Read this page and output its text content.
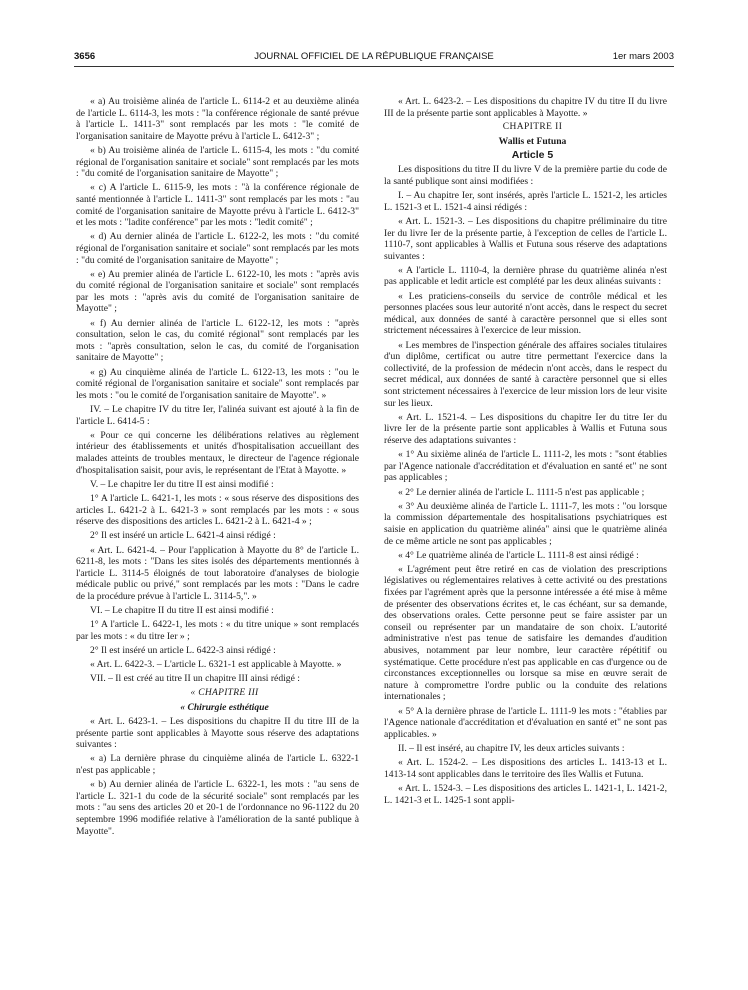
3656	JOURNAL OFFICIEL DE LA RÉPUBLIQUE FRANÇAISE	1er mars 2003

« a) Au troisième alinéa de l'article L. 6114-2 et au deuxième alinéa de l'article L. 6114-3, les mots : "la conférence régionale de santé prévue à l'article L. 1411-3" sont remplacés par les mots : "le comité de l'organisation sanitaire de Mayotte prévu à l'article L. 6412-3" ;

« b) Au troisième alinéa de l'article L. 6115-4, les mots : "du comité régional de l'organisation sanitaire et sociale" sont remplacés par les mots : "du comité de l'organisation sanitaire de Mayotte" ;

« c) A l'article L. 6115-9, les mots : "à la conférence régionale de santé mentionnée à l'article L. 1411-3" sont remplacés par les mots : "au comité de l'organisation sanitaire de Mayotte prévu à l'article L. 6412-3" et les mots : "ladite conférence" par les mots : "ledit comité" ;

« d) Au dernier alinéa de l'article L. 6122-2, les mots : "du comité régional de l'organisation sanitaire et sociale" sont remplacés par les mots : "du comité de l'organisation sanitaire de Mayotte" ;

« e) Au premier alinéa de l'article L. 6122-10, les mots : "après avis du comité régional de l'organisation sanitaire et sociale" sont remplacés par les mots : "après avis du comité de l'organisation sanitaire de Mayotte" ;

« f) Au dernier alinéa de l'article L. 6122-12, les mots : "après consultation, selon le cas, du comité régional" sont remplacés par les mots : "après consultation, selon le cas, du comité de l'organisation sanitaire de Mayotte" ;

« g) Au cinquième alinéa de l'article L. 6122-13, les mots : "ou le comité régional de l'organisation sanitaire et sociale" sont remplacés par les mots : "ou le comité de l'organisation sanitaire de Mayotte". »

IV. – Le chapitre IV du titre Ier, l'alinéa suivant est ajouté à la fin de l'article L. 6414-5 :

« Pour ce qui concerne les délibérations relatives au règlement intérieur des établissements et unités d'hospitalisation accueillant des malades atteints de troubles mentaux, le directeur de l'agence régionale d'hospitalisation saisit, pour avis, le représentant de l'Etat à Mayotte. »

V. – Le chapitre Ier du titre II est ainsi modifié :

1° A l'article L. 6421-1, les mots : « sous réserve des dispositions des articles L. 6421-2 à L. 6421-3 » sont remplacés par les mots : « sous réserve des dispositions des articles L. 6421-2 à L. 6421-4 » ;

2° Il est inséré un article L. 6421-4 ainsi rédigé :

« Art. L. 6421-4. – Pour l'application à Mayotte du 8° de l'article L. 6211-8, les mots : "Dans les sites isolés des départements mentionnés à l'article L. 3114-5 éloignés de tout laboratoire d'analyses de biologie médicale public ou privé," sont remplacés par les mots : "Dans le cadre de la procédure prévue à l'article L. 3114-5,". »

VI. – Le chapitre II du titre II est ainsi modifié :

1° A l'article L. 6422-1, les mots : « du titre unique » sont remplacés par les mots : « du titre Ier » ;

2° Il est inséré un article L. 6422-3 ainsi rédigé :

« Art. L. 6422-3. – L'article L. 6321-1 est applicable à Mayotte. »

VII. – Il est créé au titre II un chapitre III ainsi rédigé :

« CHAPITRE III

« Chirurgie esthétique

« Art. L. 6423-1. – Les dispositions du chapitre II du titre III de la présente partie sont applicables à Mayotte sous réserve des adaptations suivantes :

« a) La dernière phrase du cinquième alinéa de l'article L. 6322-1 n'est pas applicable ;

« b) Au dernier alinéa de l'article L. 6322-1, les mots : "au sens de l'article L. 321-1 du code de la sécurité sociale" sont remplacés par les mots : "au sens des articles 20 et 20-1 de l'ordonnance no 96-1122 du 20 septembre 1996 modifiée relative à l'amélioration de la santé publique à Mayotte".

« Art. L. 6423-2. – Les dispositions du chapitre IV du titre II du livre III de la présente partie sont applicables à Mayotte. »

CHAPITRE II

Wallis et Futuna

Article 5

Les dispositions du titre II du livre V de la première partie du code de la santé publique sont ainsi modifiées :

I. – Au chapitre Ier, sont insérés, après l'article L. 1521-2, les articles L. 1521-3 et L. 1521-4 ainsi rédigés :

« Art. L. 1521-3. – Les dispositions du chapitre préliminaire du titre Ier du livre Ier de la présente partie, à l'exception de celles de l'article L. 1110-7, sont applicables à Wallis et Futuna sous réserve des adaptations suivantes :

« A l'article L. 1110-4, la dernière phrase du quatrième alinéa n'est pas applicable et ledit article est complété par les deux alinéas suivants :

« Les praticiens-conseils du service de contrôle médical et les personnes placées sous leur autorité n'ont accès, dans le respect du secret médical, aux données de santé à caractère personnel que si elles sont strictement nécessaires à l'exercice de leur mission.

« Les membres de l'inspection générale des affaires sociales titulaires d'un diplôme, certificat ou autre titre permettant l'exercice dans la collectivité, de la profession de médecin n'ont accès, dans le respect du secret médical, aux données de santé à caractère personnel que si elles sont strictement nécessaires à l'exercice de leur mission lors de leur visite sur les lieux.

« Art. L. 1521-4. – Les dispositions du chapitre Ier du titre Ier du livre Ier de la présente partie sont applicables à Wallis et Futuna sous réserve des adaptations suivantes :

« 1° Au sixième alinéa de l'article L. 1111-2, les mots : "sont établies par l'Agence nationale d'accréditation et d'évaluation en santé et" ne sont pas applicables ;

« 2° Le dernier alinéa de l'article L. 1111-5 n'est pas applicable ;

« 3° Au deuxième alinéa de l'article L. 1111-7, les mots : "ou lorsque la commission départementale des hospitalisations psychiatriques est saisie en application du quatrième alinéa" ainsi que le quatrième alinéa de ce même article ne sont pas applicables ;

« 4° Le quatrième alinéa de l'article L. 1111-8 est ainsi rédigé :

« L'agrément peut être retiré en cas de violation des prescriptions législatives ou réglementaires relatives à cette activité ou des prestations fixées par l'agrément après que la personne intéressée a été mise à même de présenter des observations écrites et, le cas échéant, sur sa demande, des observations orales. Cette personne peut se faire assister par un conseil ou représenter par un mandataire de son choix. L'autorité administrative n'est pas tenue de satisfaire les demandes d'audition abusives, notamment par leur nombre, leur caractère répétitif ou systématique. Cette procédure n'est pas applicable en cas d'urgence ou de circonstances exceptionnelles ou lorsque sa mise en œuvre serait de nature à compromettre l'ordre public ou la conduite des relations internationales ;

« 5° A la dernière phrase de l'article L. 1111-9 les mots : "établies par l'Agence nationale d'accréditation et d'évaluation en santé et" ne sont pas applicables. »

II. – Il est inséré, au chapitre IV, les deux articles suivants :

« Art. L. 1524-2. – Les dispositions des articles L. 1413-13 et L. 1413-14 sont applicables dans le territoire des îles Wallis et Futuna.

« Art. L. 1524-3. – Les dispositions des articles L. 1421-1, L. 1421-2, L. 1421-3 et L. 1425-1 sont appli-
